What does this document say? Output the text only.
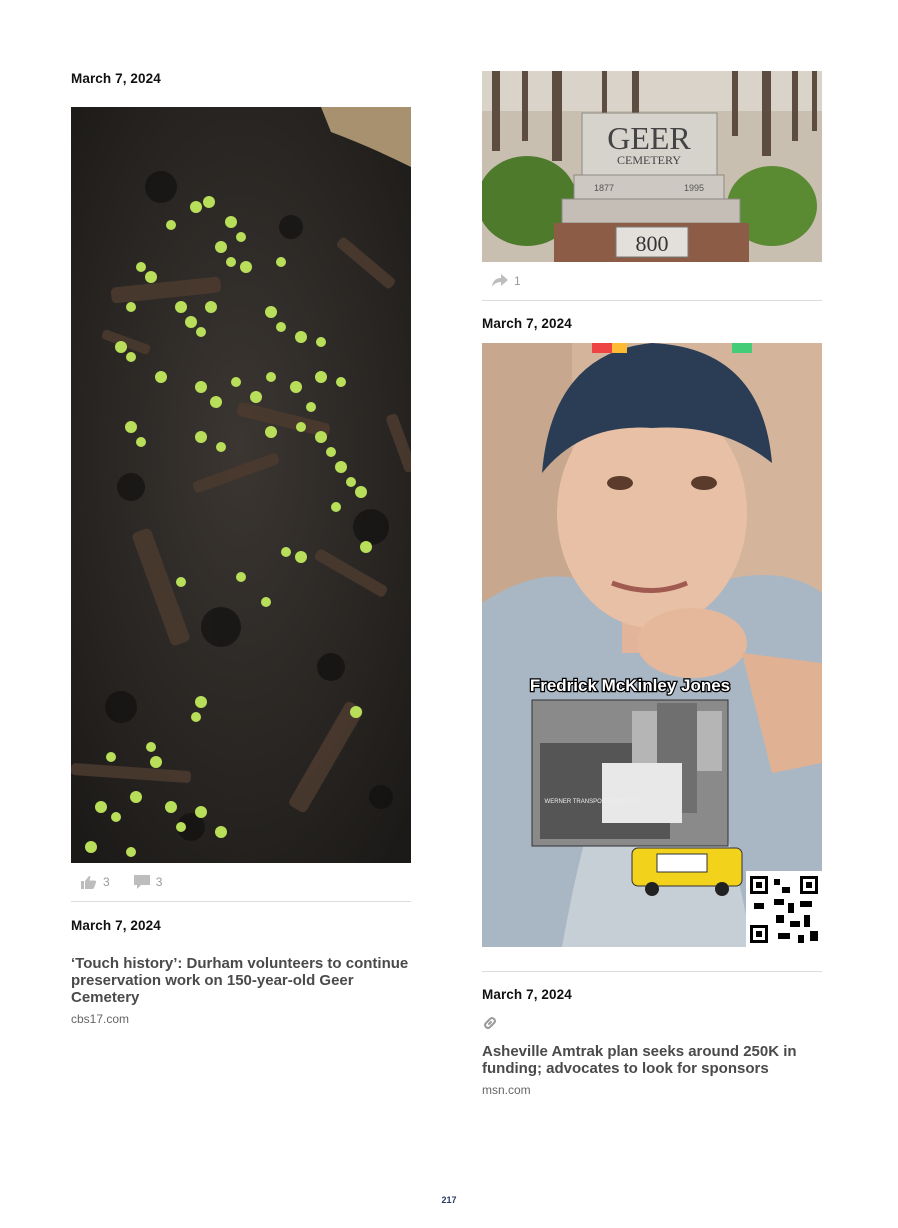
March 7, 2024
3	3
March 7, 2024
‘Touch history’: Durham volunteers to continue preservation work on 150-year-old Geer Cemetery
cbs17.com
GEER
CEMETERY
1877	1995
800
1
March 7, 2024
WERNER TRANSPORTATION CO.
Fredrick McKinley Jones
March 7, 2024
Asheville Amtrak plan seeks around 250K in funding; advocates to look for sponsors
msn.com
217
